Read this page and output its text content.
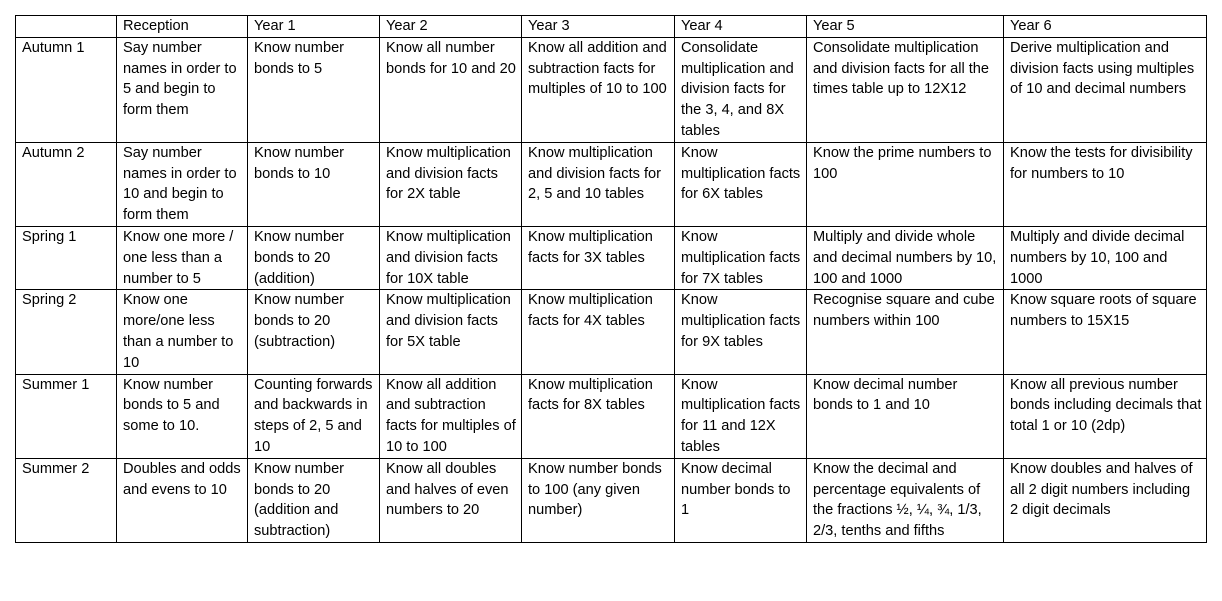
	Reception	Year 1	Year 2	Year 3	Year 4	Year 5	Year 6
Autumn 1	Say number names in order to 5 and begin to form them	Know number bonds to 5	Know all number bonds for 10 and 20	Know all addition and subtraction facts for multiples of 10 to 100	Consolidate multiplication and division facts for the 3, 4, and 8X tables	Consolidate multiplication and division facts for all the times table up to 12X12	Derive multiplication and division facts using multiples of 10 and decimal numbers
Autumn 2	Say number names in order to 10 and begin to form them	Know number bonds to 10	Know multiplication and division facts for 2X table	Know multiplication and division facts for 2, 5 and 10 tables	Know multiplication facts for 6X tables	Know the prime numbers to 100	Know the tests for divisibility for numbers to 10
Spring 1	Know one more / one less than a number to 5	Know number bonds to 20 (addition)	Know multiplication and division facts for 10X table	Know multiplication facts for 3X tables	Know multiplication facts for 7X tables	Multiply and divide whole and decimal numbers by 10, 100 and 1000	Multiply and divide decimal numbers by 10, 100 and 1000
Spring 2	Know one more/one less than a number to 10	Know number bonds to 20 (subtraction)	Know multiplication and division facts for 5X table	Know multiplication facts for 4X tables	Know multiplication facts for 9X tables	Recognise square and cube numbers within 100	Know square roots of square numbers to 15X15
Summer 1	Know number bonds to 5 and some to 10.	Counting forwards and backwards in steps of 2, 5 and 10	Know all addition and subtraction facts for multiples of 10 to 100	Know multiplication facts for 8X tables	Know multiplication facts for 11 and 12X tables	Know decimal number bonds to 1 and 10	Know all previous number bonds including decimals that total 1 or 10 (2dp)
Summer 2	Doubles and odds and evens to 10	Know number bonds to 20 (addition and subtraction)	Know all doubles and halves of even numbers to 20	Know number bonds to 100 (any given number)	Know decimal number bonds to 1	Know the decimal and percentage equivalents of the fractions ½, ¼, ¾, 1/3, 2/3, tenths and fifths	Know doubles and halves of all 2 digit numbers including 2 digit decimals
